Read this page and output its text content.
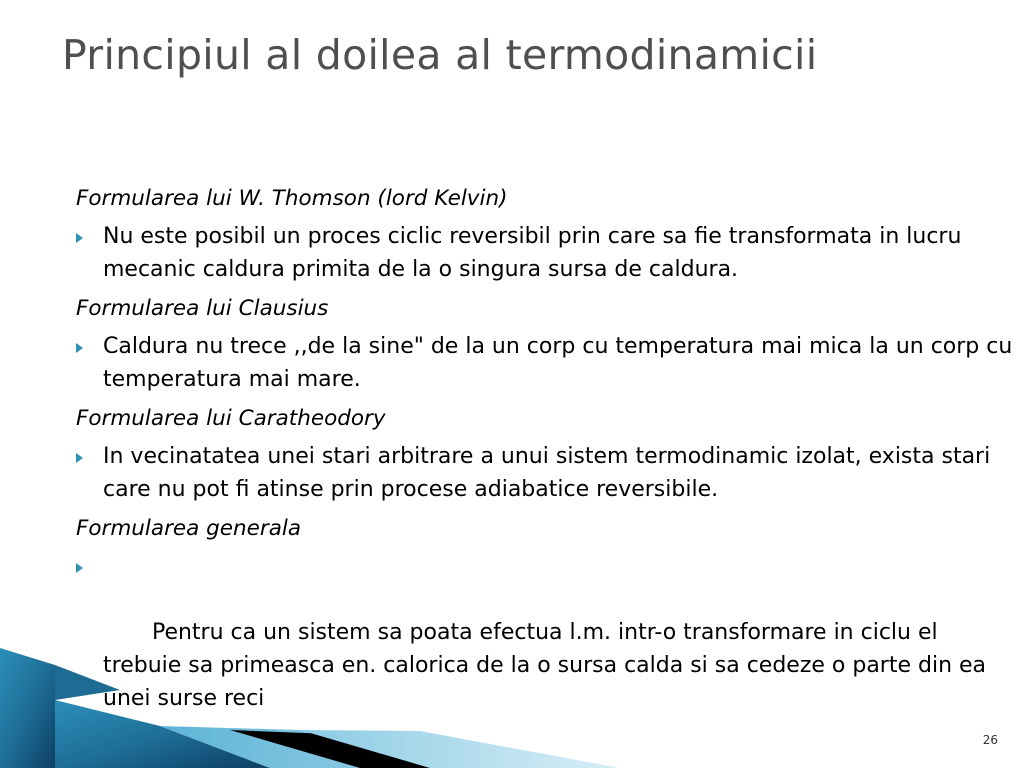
Principiul al doilea al termodinamicii

Formularea lui W. Thomson (lord Kelvin)

Nu este posibil un proces ciclic reversibil prin care sa fie transformata in lucru mecanic caldura primita de la o singura sursa de caldura.

Formularea lui Clausius

Caldura nu trece ,,de la sine" de la un corp cu temperatura mai mica la un corp cu temperatura mai mare.

Formularea lui Caratheodory

In vecinatatea unei stari arbitrare a unui sistem termodinamic izolat, exista stari care nu pot fi atinse prin procese adiabatice reversibile.

Formularea generala

Pentru ca un sistem sa poata efectua l.m. intr-o transformare in ciclu el trebuie sa primeasca en. calorica de la o sursa calda si sa cedeze o parte din ea unei surse reci

26
